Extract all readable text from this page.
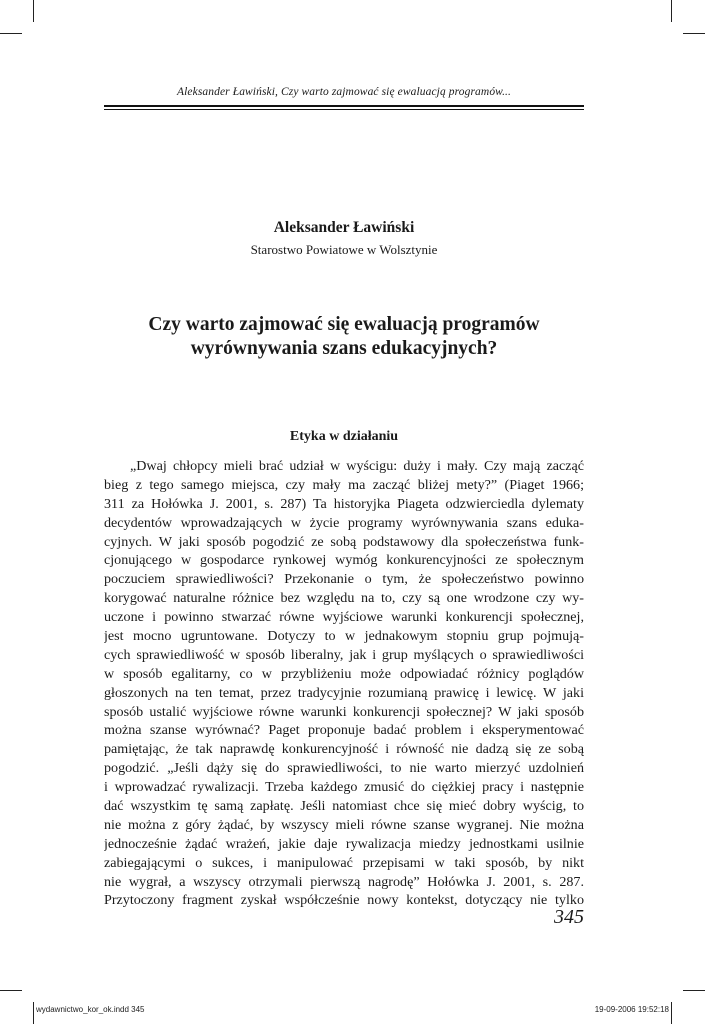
Aleksander Ławiński, Czy warto zajmować się ewaluacją programów...
Aleksander Ławiński
Starostwo Powiatowe w Wolsztynie
Czy warto zajmować się ewaluacją programów
wyrównywania szans edukacyjnych?
Etyka w działaniu
„Dwaj chłopcy mieli brać udział w wyścigu: duży i mały. Czy mają zacząć
bieg z tego samego miejsca, czy mały ma zacząć bliżej mety?” (Piaget 1966;
311 za Hołówka J. 2001, s. 287) Ta historyjka Piageta odzwierciedla dylematy
decydentów wprowadzających w życie programy wyrównywania szans eduka-
cyjnych. W jaki sposób pogodzić ze sobą podstawowy dla społeczeństwa funk-
cjonującego w gospodarce rynkowej wymóg konkurencyjności ze społecznym
poczuciem sprawiedliwości? Przekonanie o tym, że społeczeństwo powinno
korygować naturalne różnice bez względu na to, czy są one wrodzone czy wy-
uczone i powinno stwarzać równe wyjściowe warunki konkurencji społecznej,
jest mocno ugruntowane. Dotyczy to w jednakowym stopniu grup pojmują-
cych sprawiedliwość w sposób liberalny, jak i grup myślących o sprawiedliwości
w sposób egalitarny, co w przybliżeniu może odpowiadać różnicy poglądów
głoszonych na ten temat, przez tradycyjnie rozumianą prawicę i lewicę. W jaki
sposób ustalić wyjściowe równe warunki konkurencji społecznej? W jaki sposób
można szanse wyrównać? Paget proponuje badać problem i eksperymentować
pamiętając, że tak naprawdę konkurencyjność i równość nie dadzą się ze sobą
pogodzić. „Jeśli dąży się do sprawiedliwości, to nie warto mierzyć uzdolnień
i wprowadzać rywalizacji. Trzeba każdego zmusić do ciężkiej pracy i następnie
dać wszystkim tę samą zapłatę. Jeśli natomiast chce się mieć dobry wyścig, to
nie można z góry żądać, by wszyscy mieli równe szanse wygranej. Nie można
jednocześnie żądać wrażeń, jakie daje rywalizacja miedzy jednostkami usilnie
zabiegającymi o sukces, i manipulować przepisami w taki sposób, by nikt
nie wygrał, a wszyscy otrzymali pierwszą nagrodę” Hołówka J. 2001, s. 287.
Przytoczony fragment zyskał współcześnie nowy kontekst, dotyczący nie tylko
345
wydawnictwo_kor_ok.indd 345	19-09-2006 19:52:18
